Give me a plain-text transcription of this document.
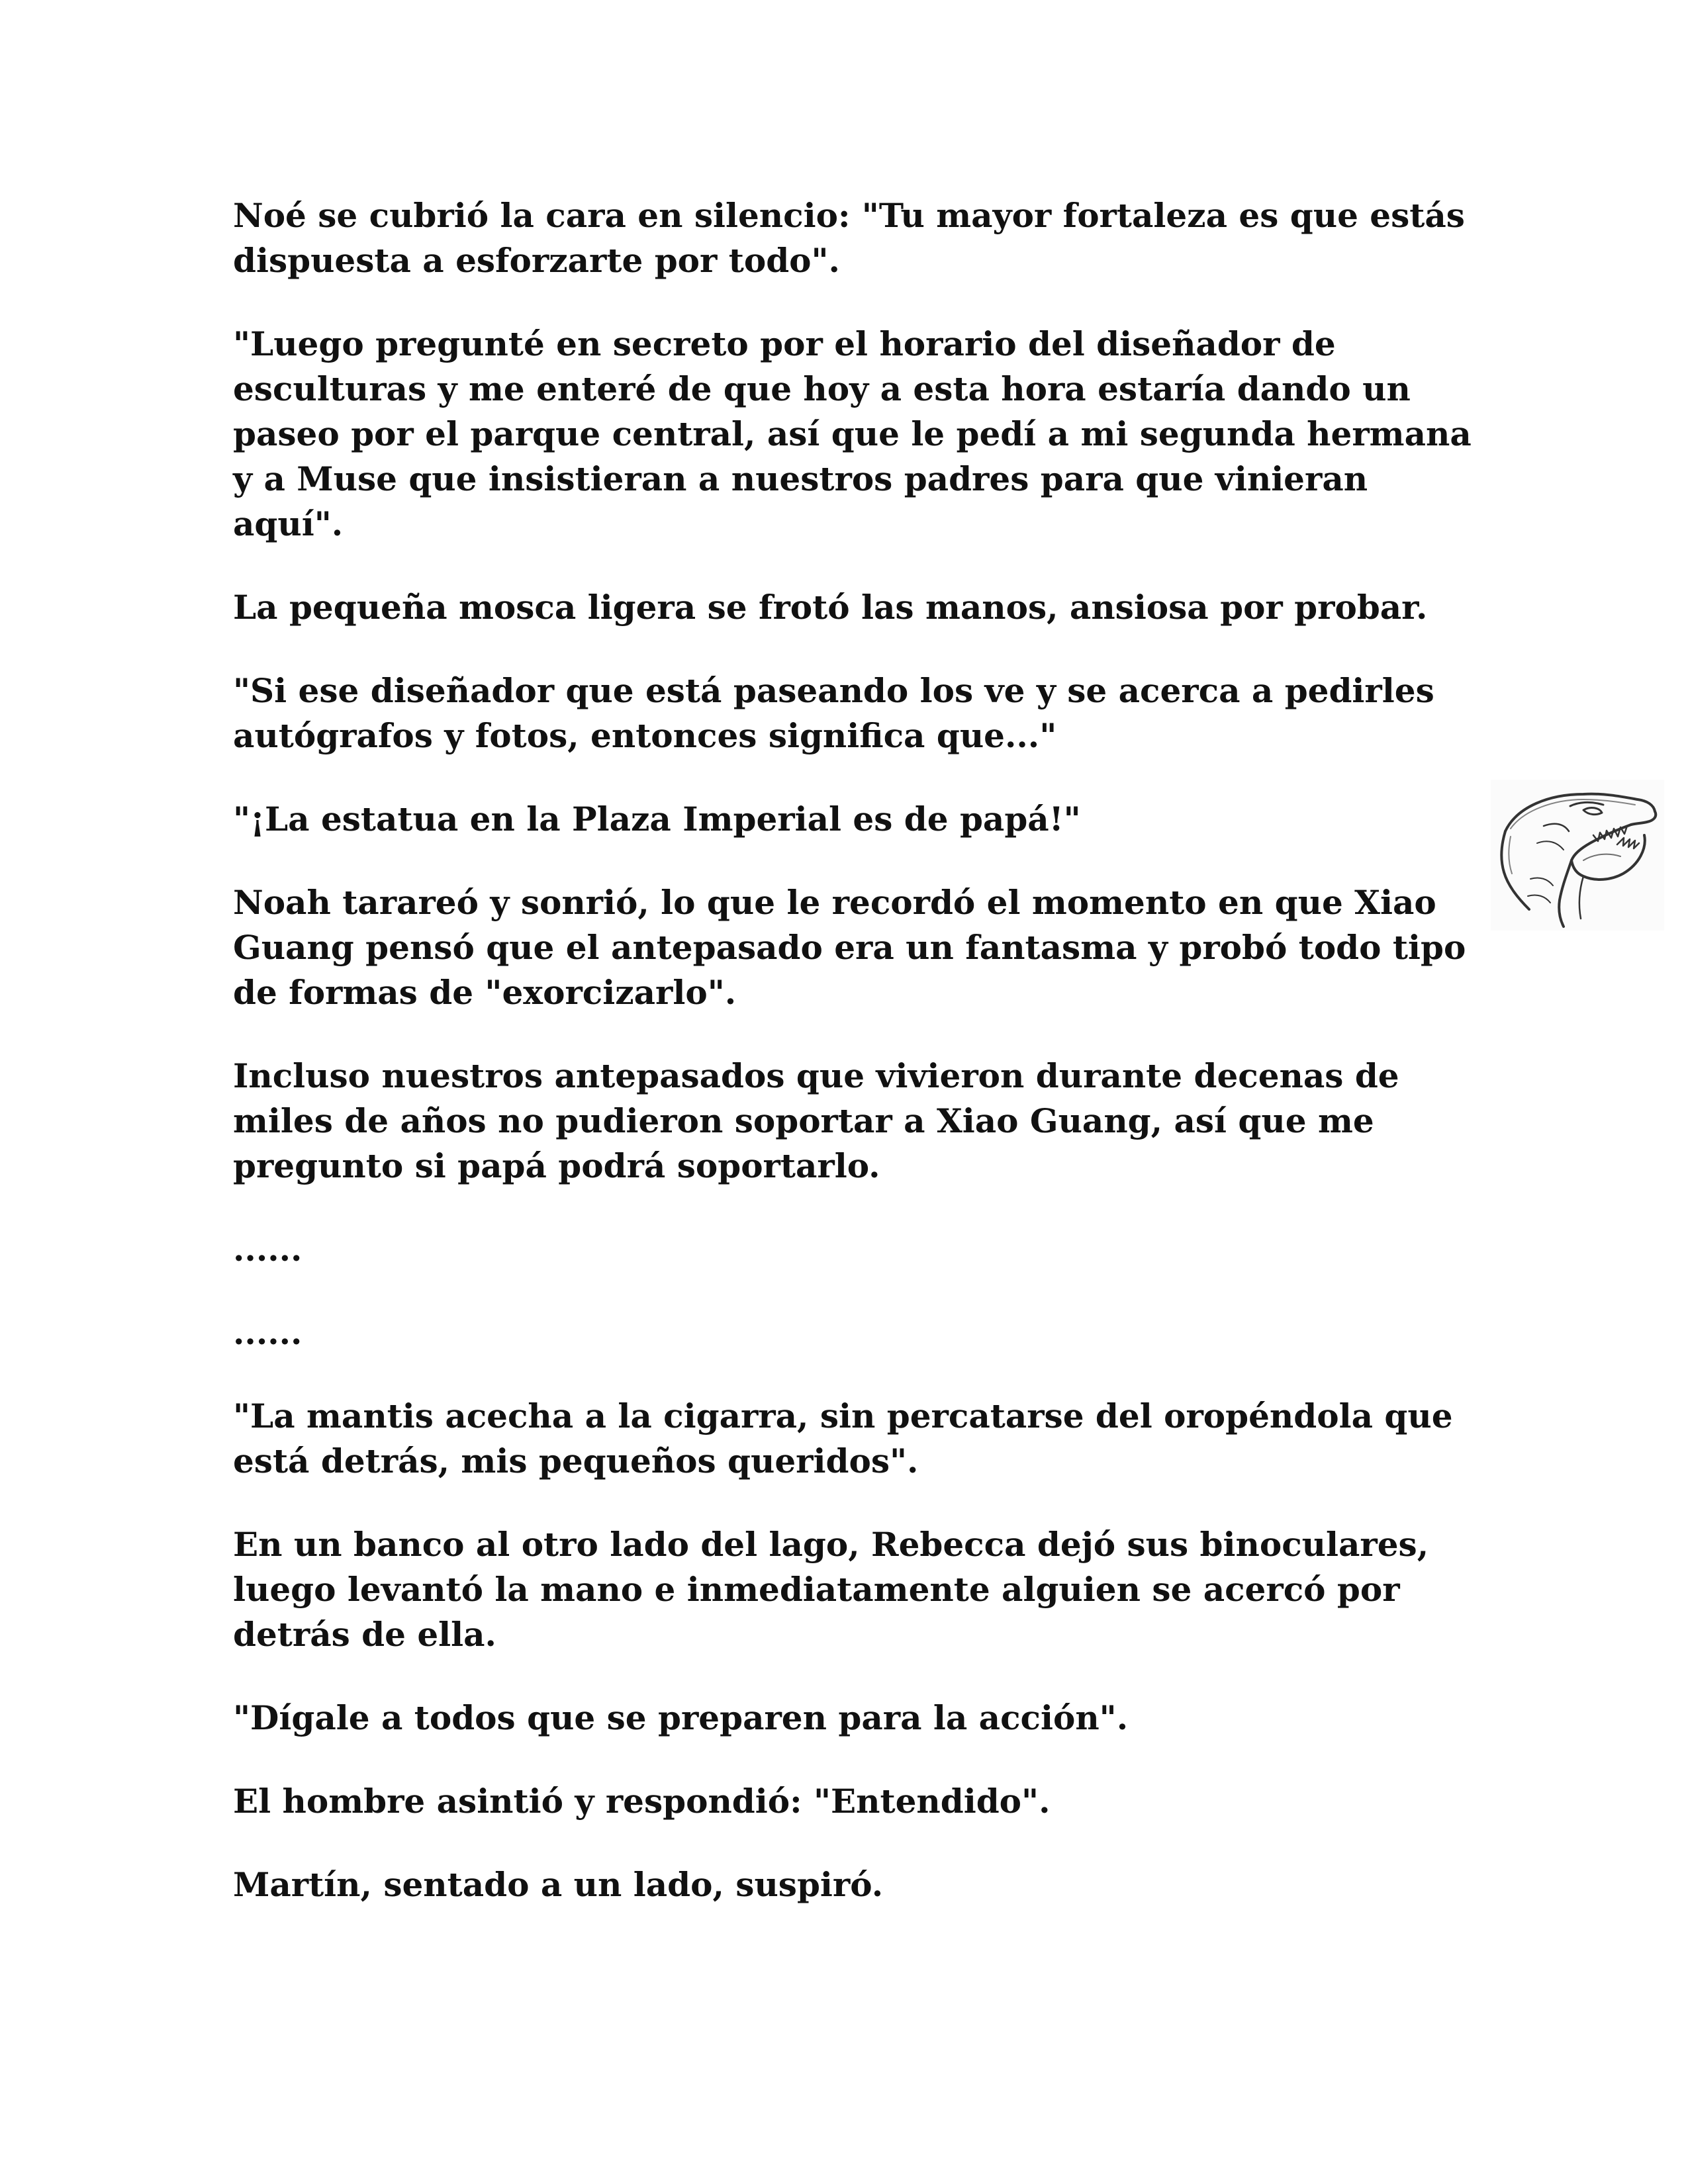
Noé se cubrió la cara en silencio: "Tu mayor fortaleza es que estás dispuesta a esforzarte por todo".

"Luego pregunté en secreto por el horario del diseñador de esculturas y me enteré de que hoy a esta hora estaría dando un paseo por el parque central, así que le pedí a mi segunda hermana y a Muse que insistieran a nuestros padres para que vinieran aquí".

La pequeña mosca ligera se frotó las manos, ansiosa por probar.

"Si ese diseñador que está paseando los ve y se acerca a pedirles autógrafos y fotos, entonces significa que..."

"¡La estatua en la Plaza Imperial es de papá!"

Noah tarareó y sonrió, lo que le recordó el momento en que Xiao Guang pensó que el antepasado era un fantasma y probó todo tipo de formas de "exorcizarlo".

Incluso nuestros antepasados que vivieron durante decenas de miles de años no pudieron soportar a Xiao Guang, así que me pregunto si papá podrá soportarlo.

......

......

"La mantis acecha a la cigarra, sin percatarse del oropéndola que está detrás, mis pequeños queridos".

En un banco al otro lado del lago, Rebecca dejó sus binoculares, luego levantó la mano e inmediatamente alguien se acercó por detrás de ella.

"Dígale a todos que se preparen para la acción".

El hombre asintió y respondió: "Entendido".

Martín, sentado a un lado, suspiró.
